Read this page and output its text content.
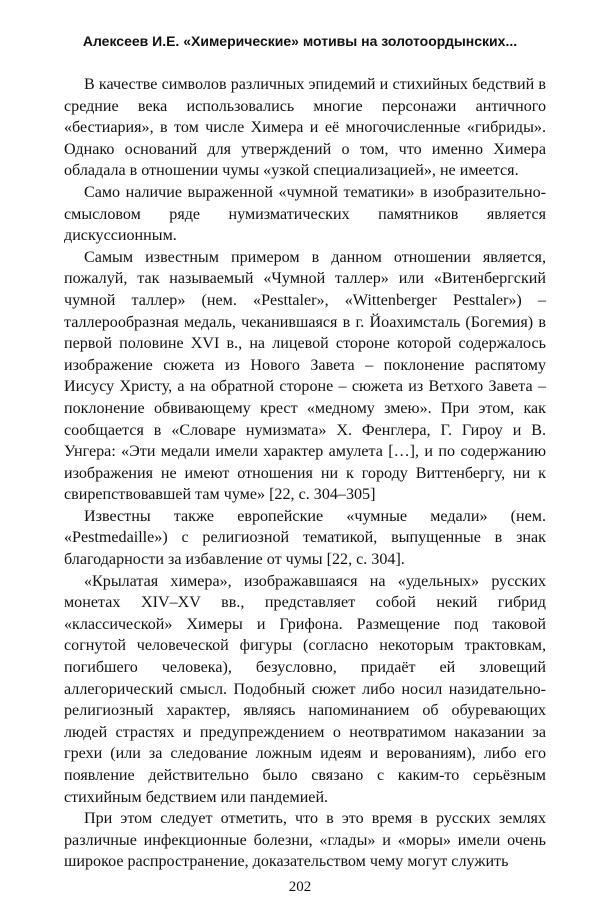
Алексеев И.Е. «Химерические» мотивы на золотоордынских...

В качестве символов различных эпидемий и стихийных бедствий в средние века использовались многие персонажи античного «бестиария», в том числе Химера и её многочисленные «гибриды». Однако оснований для утверждений о том, что именно Химера обладала в отношении чумы «узкой специализацией», не имеется.

Само наличие выраженной «чумной тематики» в изобразительно-смысловом ряде нумизматических памятников является дискуссионным.

Самым известным примером в данном отношении является, пожалуй, так называемый «Чумной таллер» или «Витенбергский чумной таллер» (нем. «Pesttaler», «Wittenberger Pesttaler») – таллерообразная медаль, чеканившаяся в г. Йоахимсталь (Богемия) в первой половине XVI в., на лицевой стороне которой содержалось изображение сюжета из Нового Завета – поклонение распятому Иисусу Христу, а на обратной стороне – сюжета из Ветхого Завета – поклонение обвивающему крест «медному змею». При этом, как сообщается в «Словаре нумизмата» Х. Фенглера, Г. Гироу и В. Унгера: «Эти медали имели характер амулета […], и по содержанию изображения не имеют отношения ни к городу Виттенбергу, ни к свирепствовавшей там чуме» [22, с. 304–305]

Известны также европейские «чумные медали» (нем. «Pestmedaille») с религиозной тематикой, выпущенные в знак благодарности за избавление от чумы [22, с. 304].

«Крылатая химера», изображавшаяся на «удельных» русских монетах XIV–XV вв., представляет собой некий гибрид «классической» Химеры и Грифона. Размещение под таковой согнутой человеческой фигуры (согласно некоторым трактовкам, погибшего человека), безусловно, придаёт ей зловещий аллегорический смысл. Подобный сюжет либо носил назидательно-религиозный характер, являясь напоминанием об обуревающих людей страстях и предупреждением о неотвратимом наказании за грехи (или за следование ложным идеям и верованиям), либо его появление действительно было связано с каким-то серьёзным стихийным бедствием или пандемией.

При этом следует отметить, что в это время в русских землях различные инфекционные болезни, «глады» и «моры» имели очень широкое распространение, доказательством чему могут служить

202
